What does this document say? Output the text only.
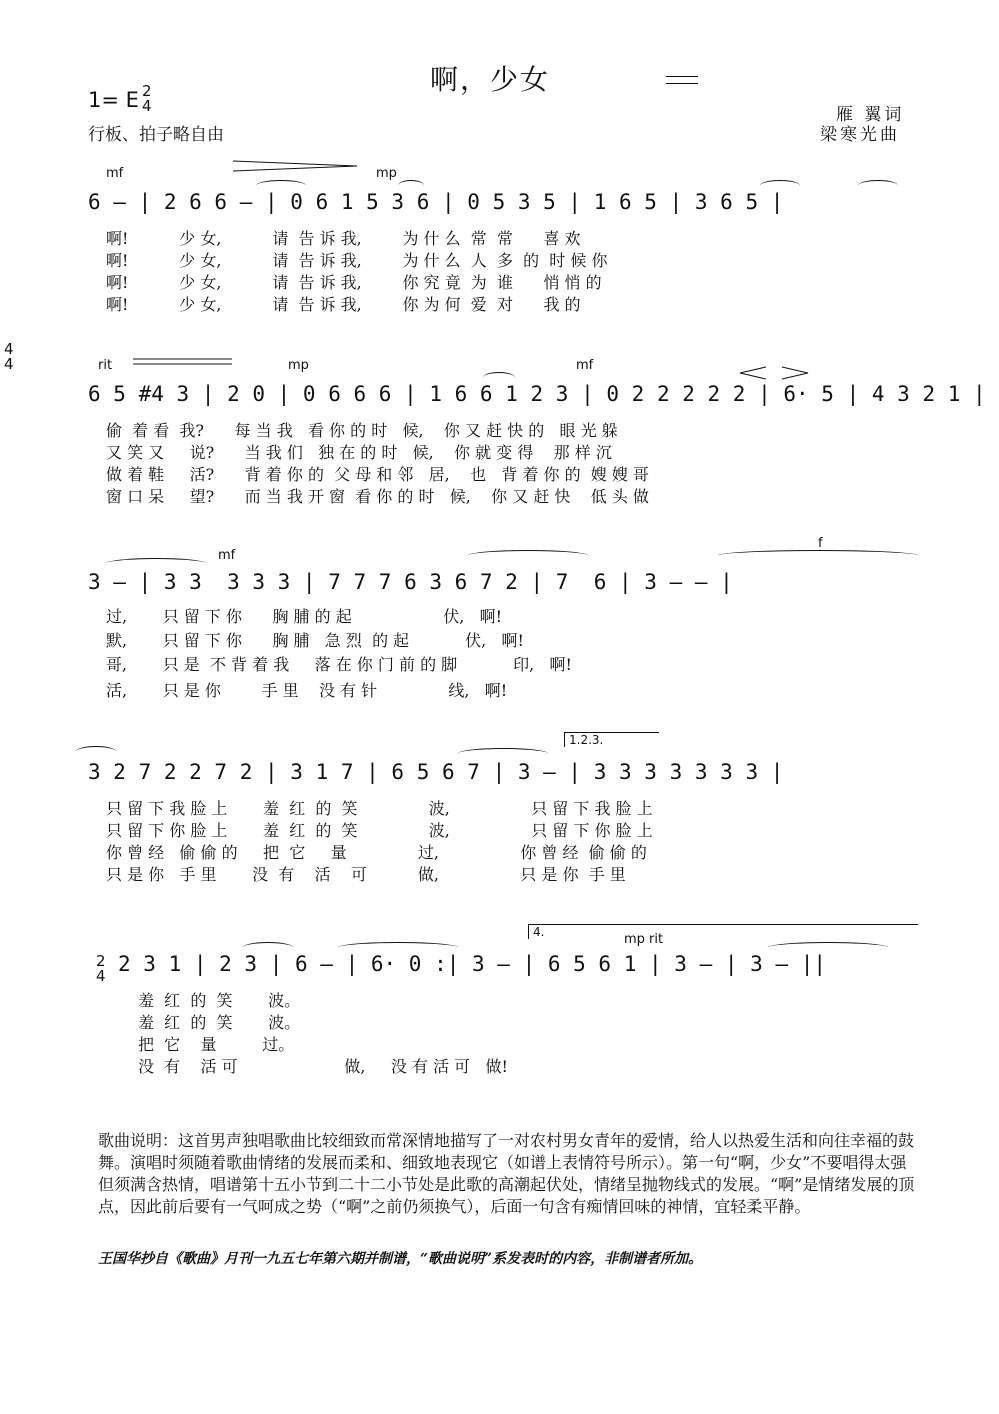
啊，少女
1= E 2
4
行板、拍子略自由
雁 翼词
梁寒光曲
4
4
mf	mp
6 — | 2 6 6 — | 0 6 1 5 3 6 | 0 5 3 5 | 1 6 5 | 3 6 5 |
啊!          少 女,          请  告 诉 我,        为 什 么  常  常      喜 欢
啊!          少 女,          请  告 诉 我,        为 什 么  人  多  的  时 候 你
啊!          少 女,          请  告 诉 我,        你 究 竟  为  谁      悄 悄 的
啊!          少 女,          请  告 诉 我,        你 为 何  爱  对      我 的
rit	mp	mf
6 5 #4 3 | 2 0 | 0 6 6 6 | 1 6 6 1 2 3 | 0 2 2 2 2 2 | 6· 5 | 4 3 2 1 |
偷  着 看  我?      每 当 我   看 你 的 时   候,    你 又 赶 快 的   眼 光 躲
又 笑 又     说?      当 我 们   独 在 的 时   候,    你 就 变 得    那 样 沉
做 着 鞋     活?      背 着 你 的  父 母 和 邻   居,    也   背 着 你 的  嫂 嫂 哥
窗 口 呆     望?      而 当 我 开 窗  看 你 的 时   候,    你 又 赶 快    低 头 做
mf
f
3 — | 3 3  3 3 3 | 7 7 7 6 3 6 7 2 | 7  6 | 3 — — |
过,       只 留 下 你      胸 脯 的 起                  伏,   啊!
默,       只 留 下 你      胸 脯   急 烈  的 起           伏,   啊!
哥,       只 是  不 背 着 我     落 在 你 门 前 的 脚           印,   啊!
活,       只 是 你        手 里    没 有 针              线,   啊!
1.2.3.
3 2 7 2 2 7 2 | 3 1 7 | 6 5 6 7 | 3 — | 3 3 3 3 3 3 3 |
只 留 下 我 脸 上       羞  红  的  笑              波,                只 留 下 我 脸 上
只 留 下 你 脸 上       羞  红  的  笑              波,                只 留 下 你 脸 上
你 曾 经   偷 偷 的     把  它     量              过,                你 曾 经  偷 偷 的
只 是 你   手 里       没  有    活    可          做,                只 是 你  手 里
2
4
4.	mp rit
2 3 1 | 2 3 | 6 — | 6· 0 :| 3 — | 6 5 6 1 | 3 — | 3 — ||
羞  红  的  笑       波。
羞  红  的  笑       波。
把  它    量         过。
没  有    活 可                     做,     没 有 活 可   做!
歌曲说明：这首男声独唱歌曲比较细致而常深情地描写了一对农村男女青年的爱情，给人以热爱生活和向往幸福的鼓舞。演唱时须随着歌曲情绪的发展而柔和、细致地表现它（如谱上表情符号所示）。第一句“啊，少女”不要唱得太强但须满含热情，唱谱第十五小节到二十二小节处是此歌的高潮起伏处，情绪呈抛物线式的发展。“啊”是情绪发展的顶点，因此前后要有一气呵成之势（“啊”之前仍须换气），后面一句含有痴情回味的神情，宜轻柔平静。
王国华抄自《歌曲》月刊一九五七年第六期并制谱，“歌曲说明”系发表时的内容，非制谱者所加。
